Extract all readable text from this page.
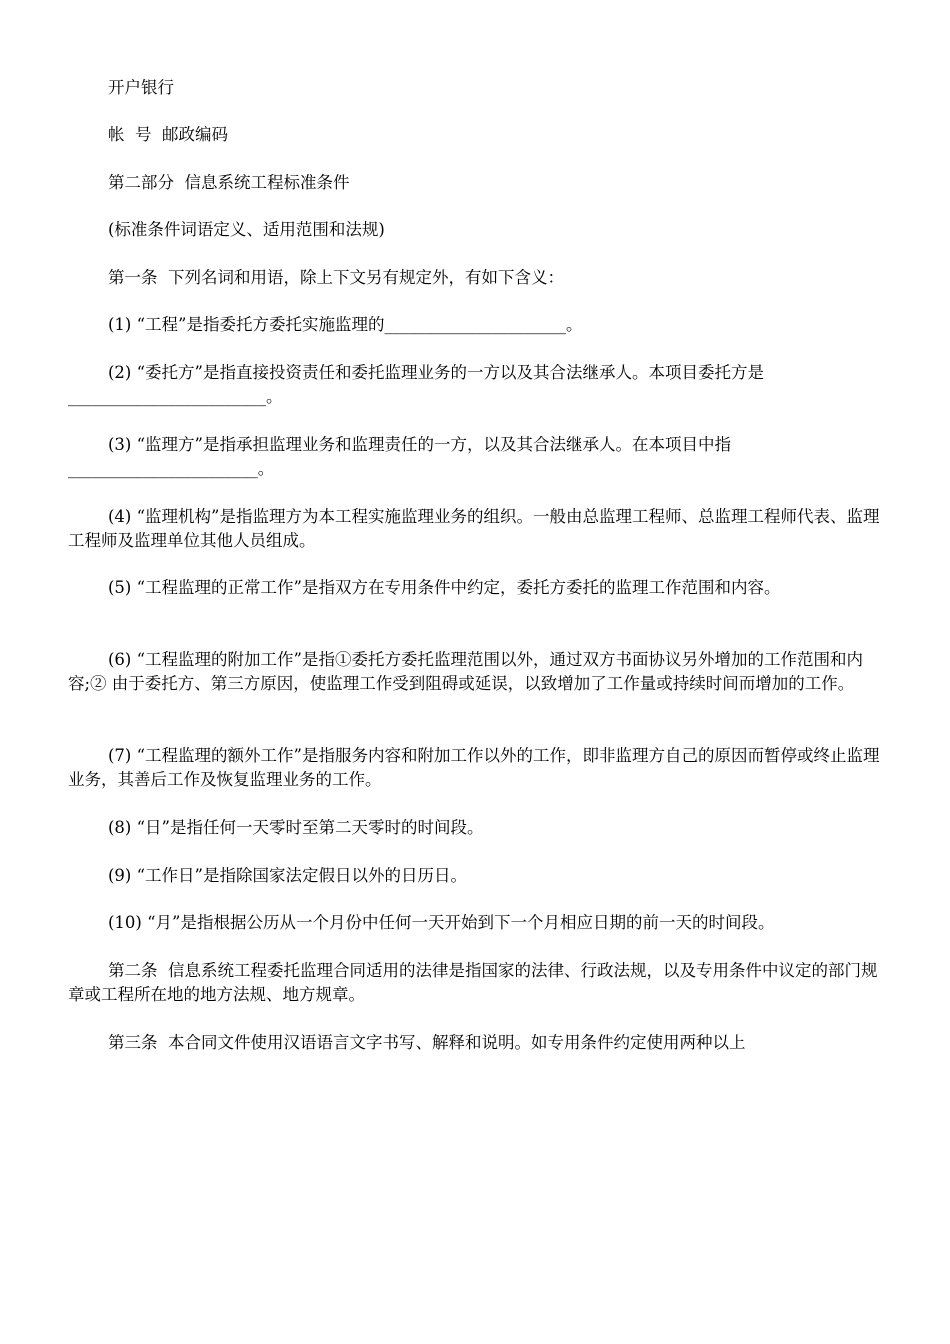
开户银行

帐  号  邮政编码

第二部分  信息系统工程标准条件

(标准条件词语定义、适用范围和法规)

第一条  下列名词和用语，除上下文另有规定外，有如下含义：

(1) “工程”是指委托方委托实施监理的______________________。

(2) “委托方”是指直接投资责任和委托监理业务的一方以及其合法继承人。本项目委托方是________________________。

(3) “监理方”是指承担监理业务和监理责任的一方，以及其合法继承人。在本项目中指_______________________。

(4) “监理机构”是指监理方为本工程实施监理业务的组织。一般由总监理工程师、总监理工程师代表、监理工程师及监理单位其他人员组成。

(5) “工程监理的正常工作”是指双方在专用条件中约定，委托方委托的监理工作范围和内容。

(6) “工程监理的附加工作”是指①委托方委托监理范围以外，通过双方书面协议另外增加的工作范围和内容;② 由于委托方、第三方原因，使监理工作受到阻碍或延误，以致增加了工作量或持续时间而增加的工作。

(7) “工程监理的额外工作”是指服务内容和附加工作以外的工作，即非监理方自己的原因而暂停或终止监理业务，其善后工作及恢复监理业务的工作。

(8) “日”是指任何一天零时至第二天零时的时间段。

(9) “工作日”是指除国家法定假日以外的日历日。

(10) “月”是指根据公历从一个月份中任何一天开始到下一个月相应日期的前一天的时间段。

第二条  信息系统工程委托监理合同适用的法律是指国家的法律、行政法规，以及专用条件中议定的部门规章或工程所在地的地方法规、地方规章。

第三条  本合同文件使用汉语语言文字书写、解释和说明。如专用条件约定使用两种以上
